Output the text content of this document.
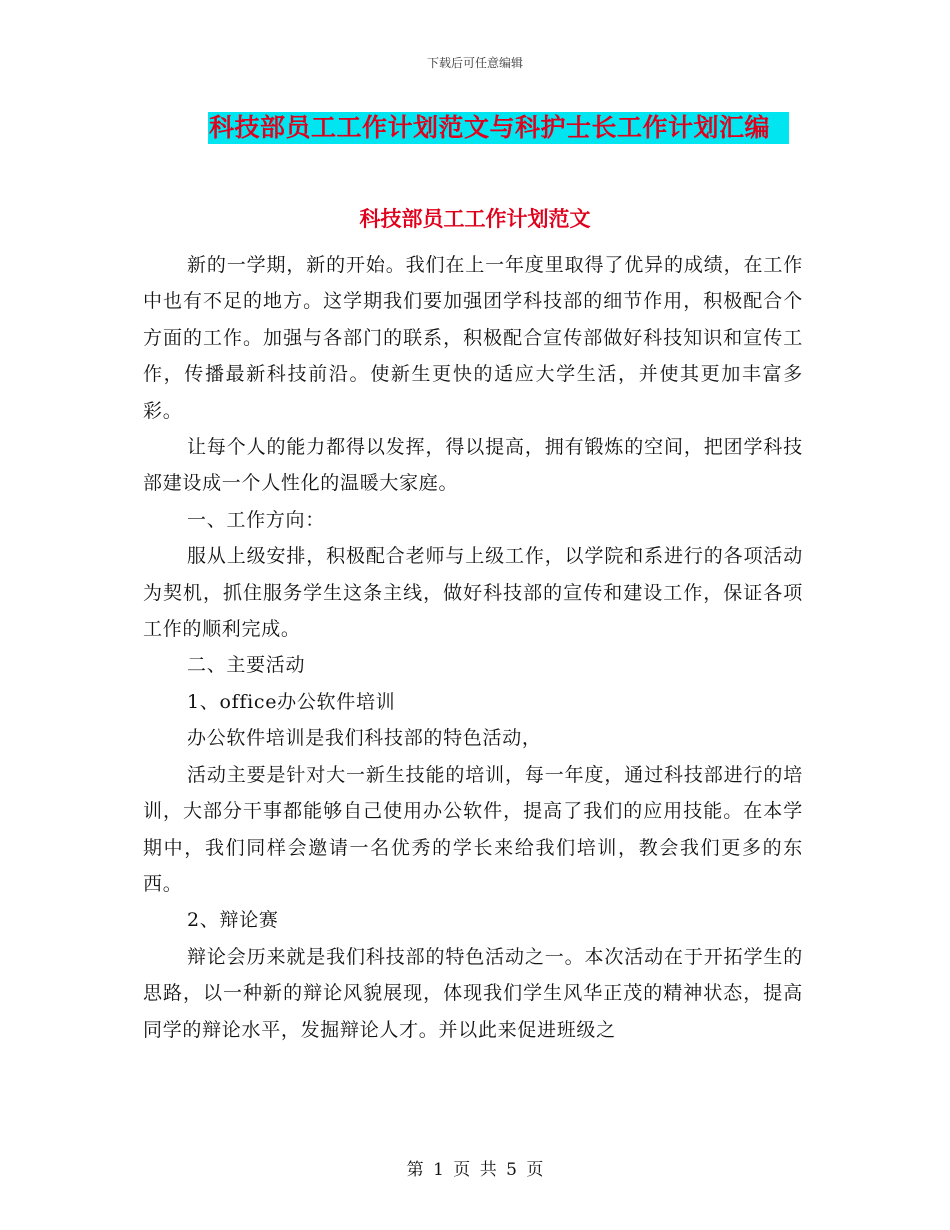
下载后可任意编辑
科技部员工工作计划范文与科护士长工作计划汇编
科技部员工工作计划范文

新的一学期，新的开始。我们在上一年度里取得了优异的成绩，在工作中也有不足的地方。这学期我们要加强团学科技部的细节作用，积极配合个方面的工作。加强与各部门的联系，积极配合宣传部做好科技知识和宣传工作，传播最新科技前沿。使新生更快的适应大学生活，并使其更加丰富多彩。

让每个人的能力都得以发挥，得以提高，拥有锻炼的空间，把团学科技部建设成一个人性化的温暖大家庭。

一、工作方向：

服从上级安排，积极配合老师与上级工作，以学院和系进行的各项活动为契机，抓住服务学生这条主线，做好科技部的宣传和建设工作，保证各项工作的顺利完成。

二、主要活动

1、office办公软件培训

办公软件培训是我们科技部的特色活动，

活动主要是针对大一新生技能的培训，每一年度，通过科技部进行的培训，大部分干事都能够自己使用办公软件，提高了我们的应用技能。在本学期中，我们同样会邀请一名优秀的学长来给我们培训，教会我们更多的东西。

2、辩论赛

辩论会历来就是我们科技部的特色活动之一。本次活动在于开拓学生的思路，以一种新的辩论风貌展现，体现我们学生风华正茂的精神状态，提高同学的辩论水平，发掘辩论人才。并以此来促进班级之

第 1 页 共 5 页
